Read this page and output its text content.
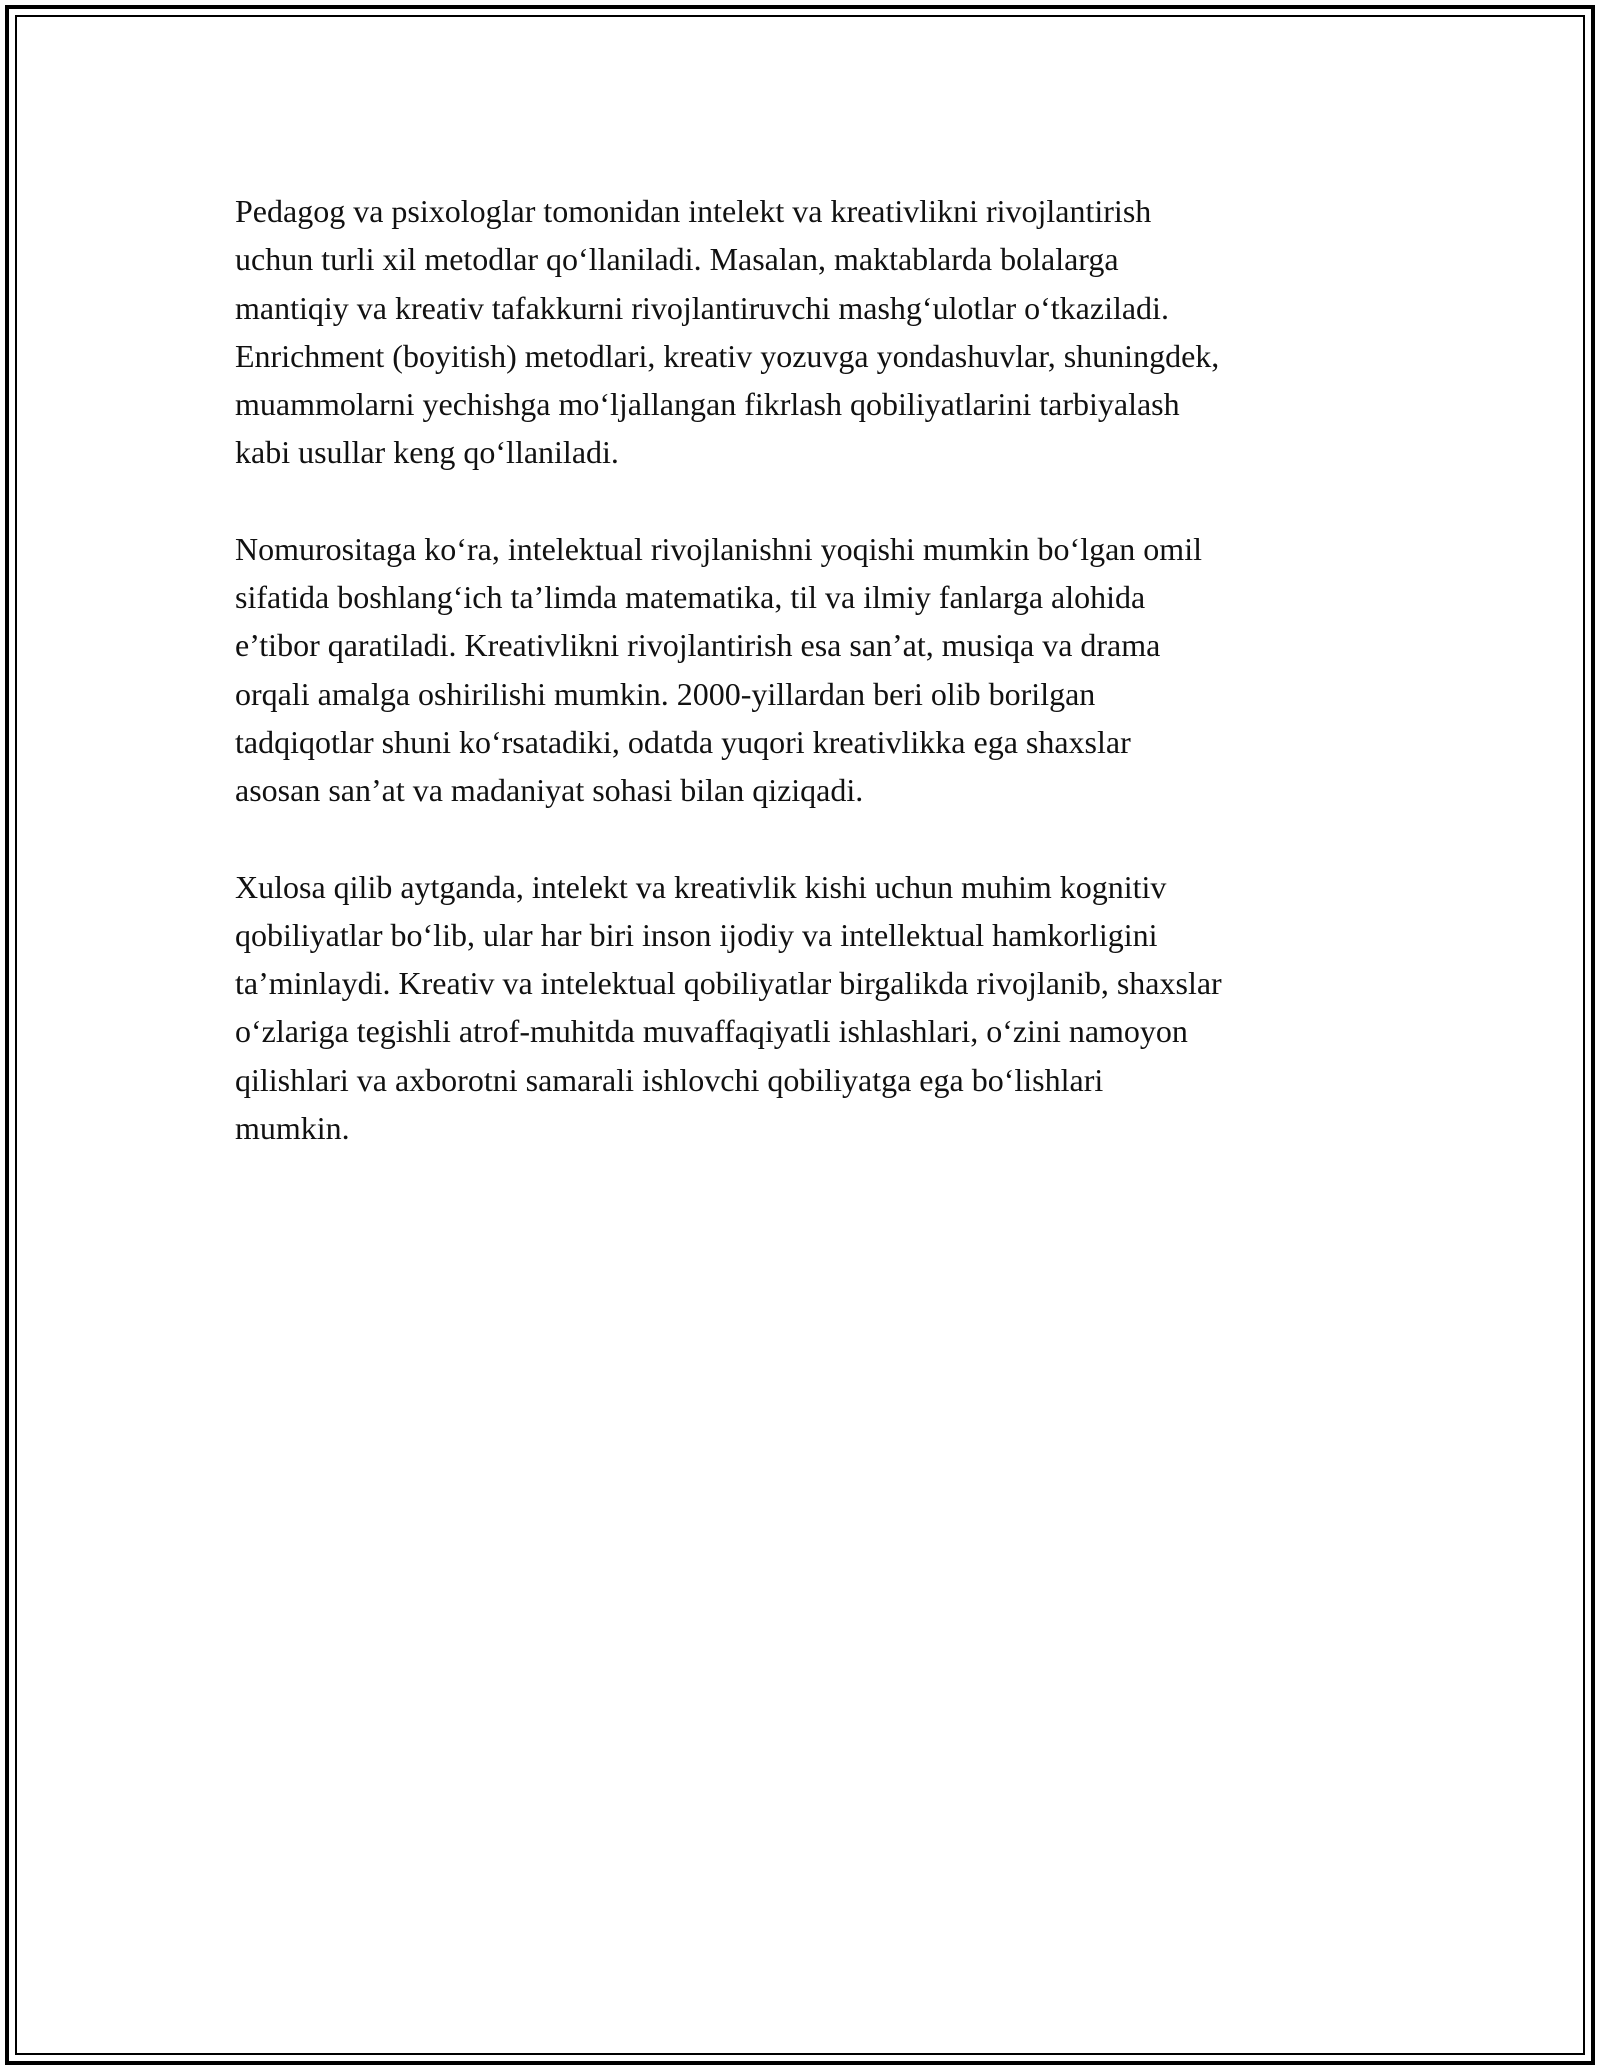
Pedagog va psixologlar tomonidan intelekt va kreativlikni rivojlantirish
uchun turli xil metodlar qo‘llaniladi. Masalan, maktablarda bolalarga
mantiqiy va kreativ tafakkurni rivojlantiruvchi mashg‘ulotlar o‘tkaziladi.
Enrichment (boyitish) metodlari, kreativ yozuvga yondashuvlar, shuningdek,
muammolarni yechishga mo‘ljallangan fikrlash qobiliyatlarini tarbiyalash
kabi usullar keng qo‘llaniladi.

Nomurositaga ko‘ra, intelektual rivojlanishni yoqishi mumkin bo‘lgan omil
sifatida boshlang‘ich ta’limda matematika, til va ilmiy fanlarga alohida
e’tibor qaratiladi. Kreativlikni rivojlantirish esa san’at, musiqa va drama
orqali amalga oshirilishi mumkin. 2000-yillardan beri olib borilgan
tadqiqotlar shuni ko‘rsatadiki, odatda yuqori kreativlikka ega shaxslar
asosan san’at va madaniyat sohasi bilan qiziqadi.

Xulosa qilib aytganda, intelekt va kreativlik kishi uchun muhim kognitiv
qobiliyatlar bo‘lib, ular har biri inson ijodiy va intellektual hamkorligini
ta’minlaydi. Kreativ va intelektual qobiliyatlar birgalikda rivojlanib, shaxslar
o‘zlariga tegishli atrof-muhitda muvaffaqiyatli ishlashlari, o‘zini namoyon
qilishlari va axborotni samarali ishlovchi qobiliyatga ega bo‘lishlari
mumkin.
